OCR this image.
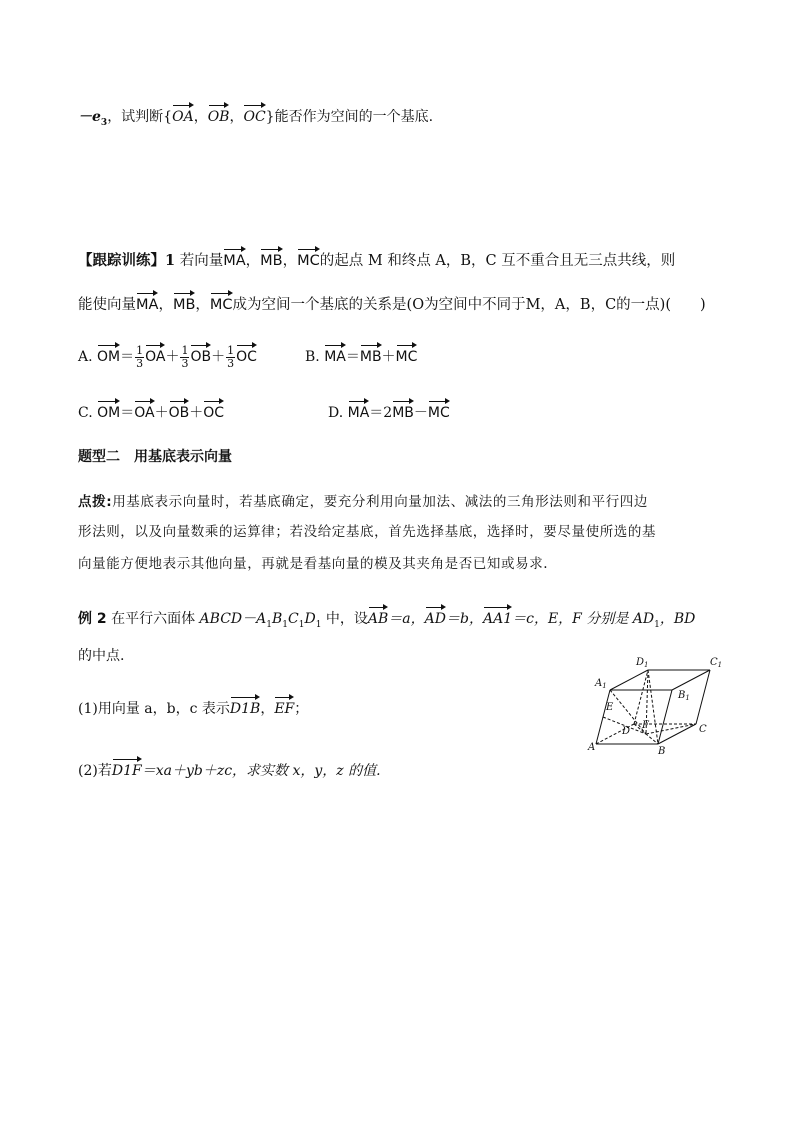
$-e_3$，试判断{OA，OB，OC}能否作为空间的一个基底.
【跟踪训练】1 若向量MA，MB，MC的起点 M 和终点 A，B，C 互不重合且无三点共线，则
能使向量MA，MB，MC成为空间一个基底的关系是(O为空间中不同于M，A，B，C的一点)(　　)
A. $OM= \frac{1}{3} OA+ \frac{1}{3} OB+ \frac{1}{3}$ OC	B. MA＝MB＋MC
C. OM＝OA＋OB＋OC	D. MA＝2MB－MC
题型二　用基底表示向量
点拨:用基底表示向量时，若基底确定，要充分利用向量加法、减法的三角形法则和平行四边
形法则，以及向量数乘的运算律；若没给定基底，首先选择基底，选择时，要尽量使所选的基
向量能方便地表示其他向量，再就是看基向量的模及其夹角是否已知或易求.
例 2 在平行六面体 $ABCD-A_1B_1C_1D_1$ 中，设AB＝a，AD＝b，AA1＝c，E，F 分别是 $AD_1$，BD
的中点.
(1)用向量 a，b，c 表示D1B，EF；
(2)若D1F＝xa＋yb＋zc，求实数 x，y，z 的值.
$D_1$	$C_1$
$A_1$
$B_1$
E
F
D	C
A	B
